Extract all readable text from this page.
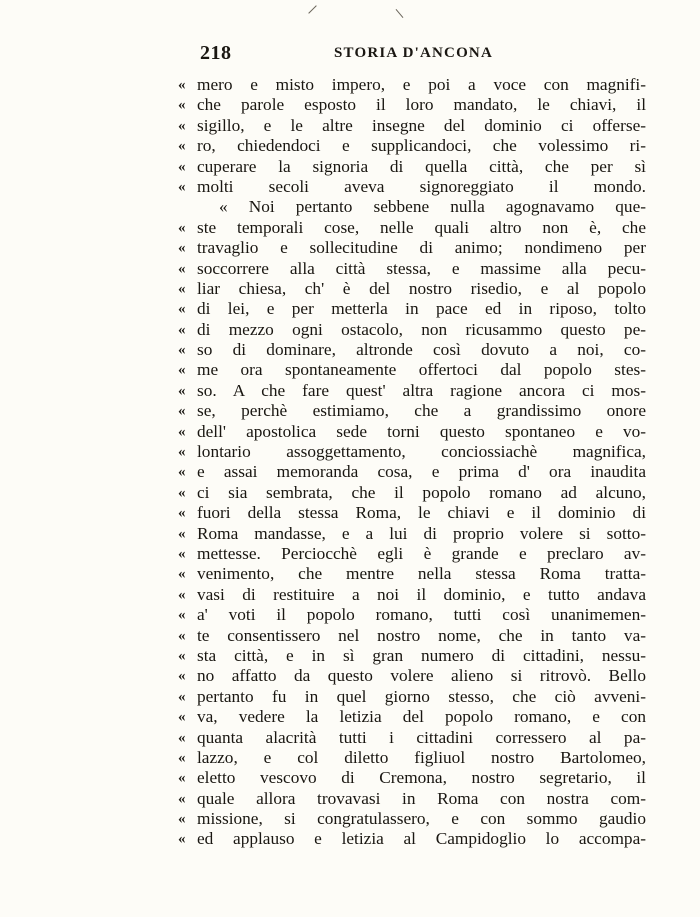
218	STORIA D'ANCONA
« mero e misto impero, e poi a voce con magnifi-
« che parole esposto il loro mandato, le chiavi, il
« sigillo, e le altre insegne del dominio ci offerse-
« ro, chiedendoci e supplicandoci, che volessimo ri-
« cuperare la signoria di quella città, che per sì
« molti secoli aveva signoreggiato il mondo.
« Noi pertanto sebbene nulla agognavamo que-
« ste temporali cose, nelle quali altro non è, che
« travaglio e sollecitudine di animo; nondimeno per
« soccorrere alla città stessa, e massime alla pecu-
« liar chiesa, ch' è del nostro risedio, e al popolo
« di lei, e per metterla in pace ed in riposo, tolto
« di mezzo ogni ostacolo, non ricusammo questo pe-
« so di dominare, altronde così dovuto a noi, co-
« me ora spontaneamente offertoci dal popolo stes-
« so. A che fare quest' altra ragione ancora ci mos-
« se, perchè estimiamo, che a grandissimo onore
« dell' apostolica sede torni questo spontaneo e vo-
« lontario assoggettamento, conciossiachè magnifica,
« e assai memoranda cosa, e prima d' ora inaudita
« ci sia sembrata, che il popolo romano ad alcuno,
« fuori della stessa Roma, le chiavi e il dominio di
« Roma mandasse, e a lui di proprio volere si sotto-
« mettesse. Perciocchè egli è grande e preclaro av-
« venimento, che mentre nella stessa Roma tratta-
« vasi di restituire a noi il dominio, e tutto andava
« a' voti il popolo romano, tutti così unanimemen-
« te consentissero nel nostro nome, che in tanto va-
« sta città, e in sì gran numero di cittadini, nessu-
« no affatto da questo volere alieno si ritrovò. Bello
« pertanto fu in quel giorno stesso, che ciò avveni-
« va, vedere la letizia del popolo romano, e con
« quanta alacrità tutti i cittadini corressero al pa-
« lazzo, e col diletto figliuol nostro Bartolomeo,
« eletto vescovo di Cremona, nostro segretario, il
« quale allora trovavasi in Roma con nostra com-
« missione, si congratulassero, e con sommo gaudio
« ed applauso e letizia al Campidoglio lo accompa-
